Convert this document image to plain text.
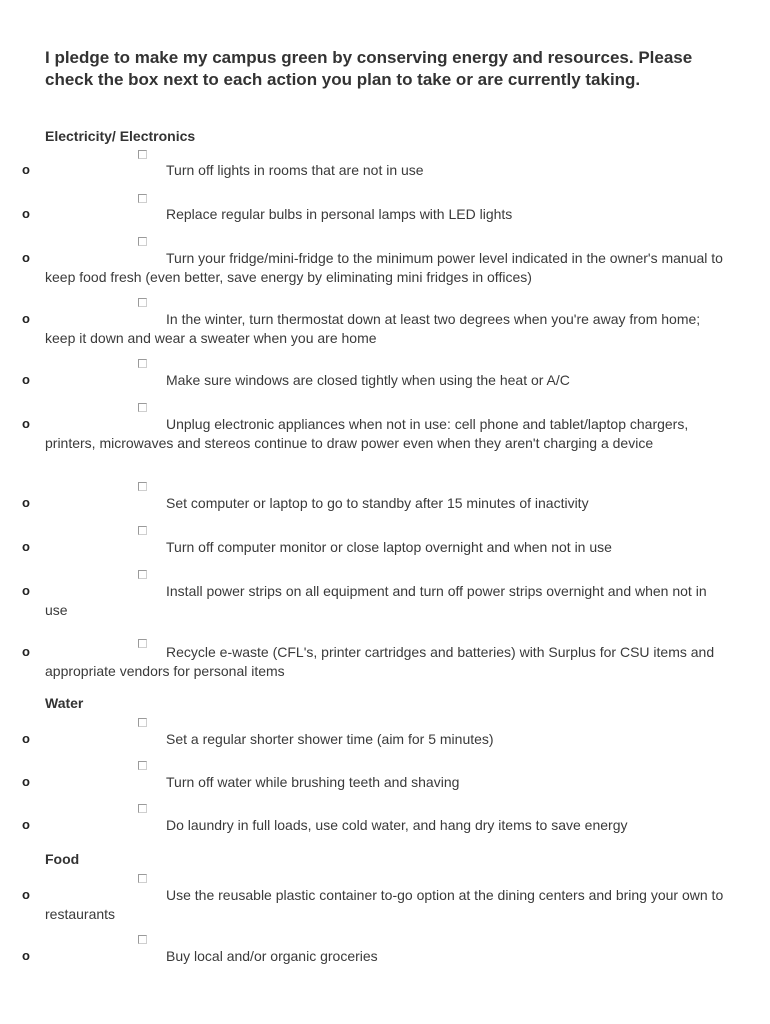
I pledge to make my campus green by conserving energy and resources. Please check the box next to each action you plan to take or are currently taking.
Electricity/ Electronics
Water
Food
o	Turn off lights in rooms that are not in use
o	Replace regular bulbs in personal lamps with LED lights
o	Turn your fridge/mini-fridge to the minimum power level indicated in the owner's manual to keep food fresh (even better, save energy by eliminating mini fridges in offices)
o	In the winter, turn thermostat down at least two degrees when you're away from home; keep it down and wear a sweater when you are home
o	Make sure windows are closed tightly when using the heat or A/C
o	Unplug electronic appliances when not in use: cell phone and tablet/laptop chargers, printers, microwaves and stereos continue to draw power even when they aren't charging a device
o	Set computer or laptop to go to standby after 15 minutes of inactivity
o	Turn off computer monitor or close laptop overnight and when not in use
o	Install power strips on all equipment and turn off power strips overnight and when not in use
o	Recycle e-waste (CFL's, printer cartridges and batteries) with Surplus for CSU items and appropriate vendors for personal items
o	Set a regular shorter shower time (aim for 5 minutes)
o	Turn off water while brushing teeth and shaving
o	Do laundry in full loads, use cold water, and hang dry items to save energy
o	Use the reusable plastic container to-go option at the dining centers and bring your own to restaurants
o	Buy local and/or organic groceries
